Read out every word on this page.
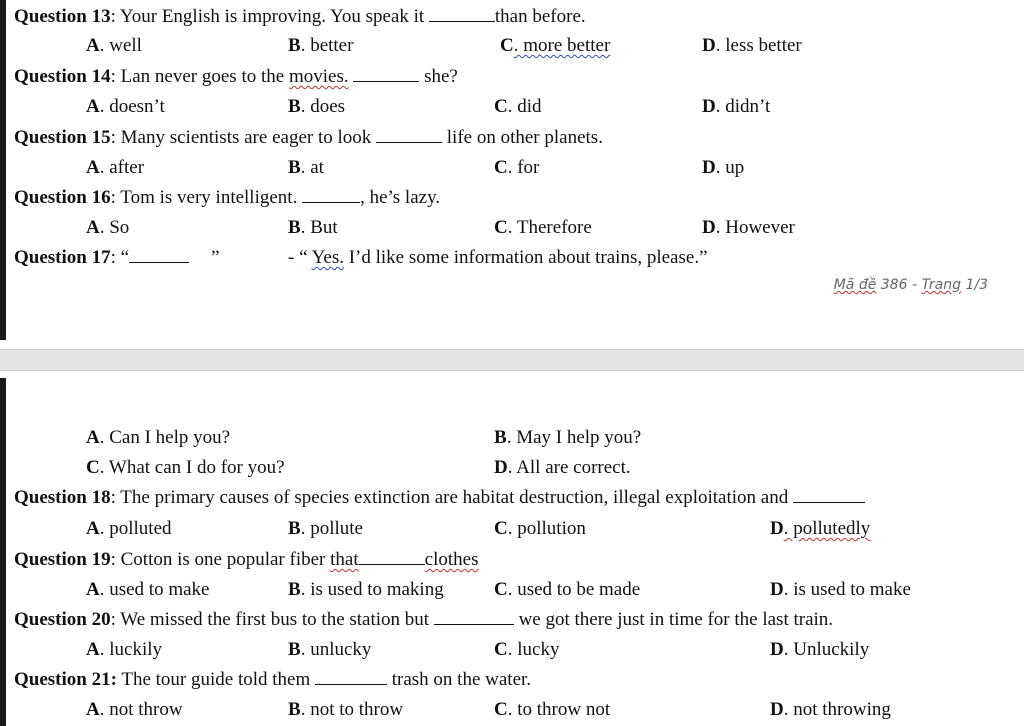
Question 13: Your English is improving. You speak it	than before.
A. well	B. better	C. more better	D. less better
Question 14: Lan never goes to the movies.	she?
A. doesn’t	B. does	C. did	D. didn’t
Question 15: Many scientists are eager to look	life on other planets.
A. after	B. at	C. for	D. up
Question 16: Tom is very intelligent.	, he’s lazy.
A. So	B. But	C. Therefore	D. However
Question 17: “	”	- “ Yes. I’d like some information about trains, please.”
Mã đề 386 - Trang 1/3
A. Can I help you?	B. May I help you?
C. What can I do for you?	D. All are correct.
Question 18: The primary causes of species extinction are habitat destruction, illegal exploitation and
A. polluted	B. pollute	C. pollution	D. pollutedly
Question 19: Cotton is one popular fiber that	clothes
A. used to make	B. is used to making	C. used to be made	D. is used to make
Question 20: We missed the first bus to the station but	we got there just in time for the last train.
A. luckily	B. unlucky	C. lucky	D. Unluckily
Question 21: The tour guide told them	trash on the water.
A. not throw	B. not to throw	C. to throw not	D. not throwing
